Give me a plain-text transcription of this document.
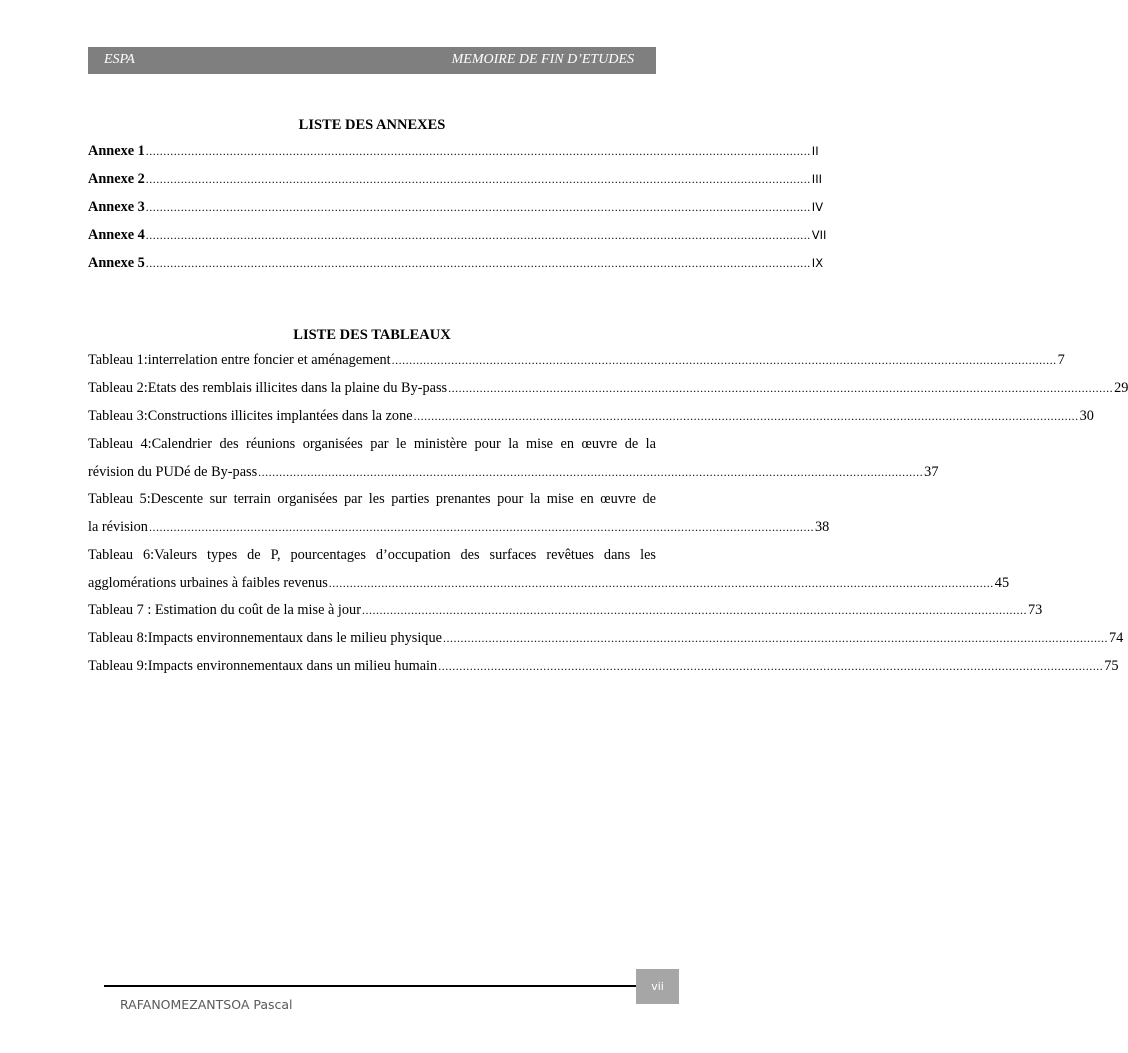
ESPA	MEMOIRE DE FIN D’ETUDES
LISTE DES ANNEXES
Annexe 1 .............................................................................................................................................................................................. II
Annexe 2 .............................................................................................................................................................................................. III
Annexe 3 .............................................................................................................................................................................................. IV
Annexe 4 .............................................................................................................................................................................................. VII
Annexe 5 .............................................................................................................................................................................................. IX
LISTE DES TABLEAUX
Tableau 1:interrelation entre foncier et aménagement .............................................................................................................................................................................................. 7
Tableau 2:Etats des remblais illicites dans la plaine du By-pass .............................................................................................................................................................................................. 29
Tableau 3:Constructions illicites implantées dans la zone .............................................................................................................................................................................................. 30
Tableau 4:Calendrier des réunions organisées par le ministère pour la mise en œuvre de la
révision du PUDé de By-pass .............................................................................................................................................................................................. 37
Tableau 5:Descente sur terrain organisées par les parties prenantes pour la mise en œuvre de
la révision .............................................................................................................................................................................................. 38
Tableau 6:Valeurs types de P, pourcentages d’occupation des surfaces revêtues dans les
agglomérations urbaines à faibles revenus .............................................................................................................................................................................................. 45
Tableau 7 : Estimation du coût de la mise à jour .............................................................................................................................................................................................. 73
Tableau 8:Impacts environnementaux dans le milieu physique .............................................................................................................................................................................................. 74
Tableau 9:Impacts environnementaux dans un milieu humain .............................................................................................................................................................................................. 75
vii
RAFANOMEZANTSOA Pascal
